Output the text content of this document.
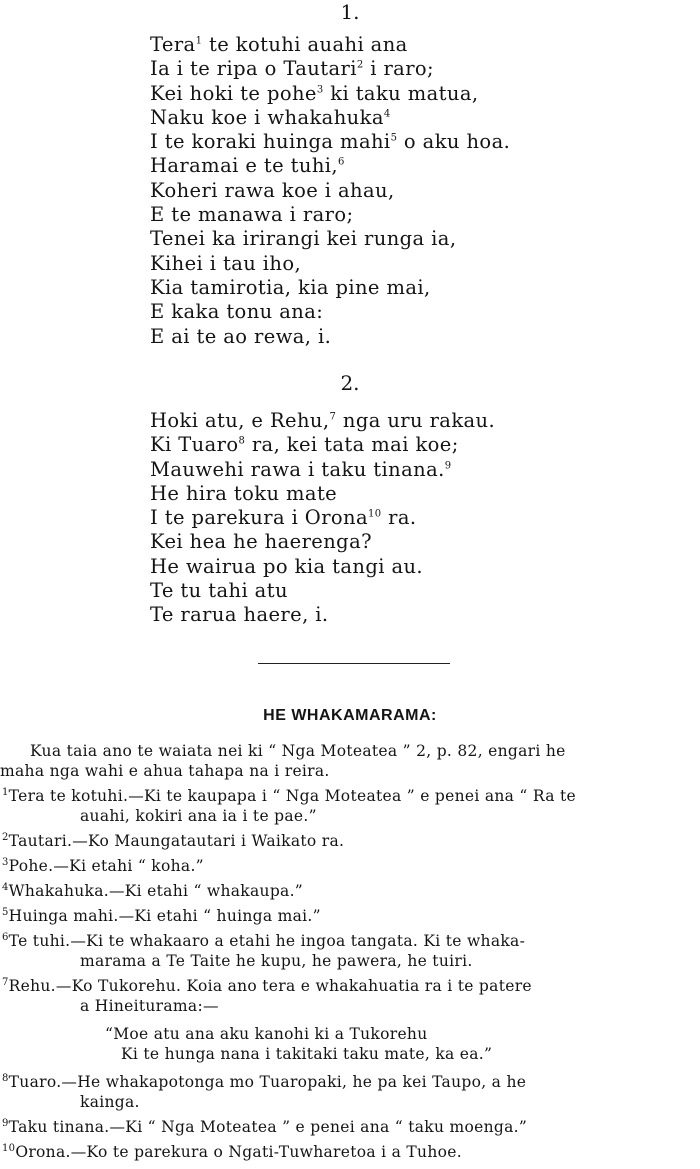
1.
Tera$^1$ te kotuhi auahi ana
Ia i te ripa o Tautari$^2$ i raro;
Kei hoki te pohe$^3$ ki taku matua,
Naku koe i whakahuka$^4$
I te koraki huinga mahi$^5$ o aku hoa.
Haramai e te tuhi,$^6$
Koheri rawa koe i ahau,
E te manawa i raro;
Tenei ka irirangi kei runga ia,
Kihei i tau iho,
Kia tamirotia, kia pine mai,
E kaka tonu ana:
E ai te ao rewa, i.
2.
Hoki atu, e Rehu,$^7$ nga uru rakau.
Ki Tuaro$^8$ ra, kei tata mai koe;
Mauwehi rawa i taku tinana.$^9$
He hira toku mate
I te parekura i Orona$^{10}$ ra.
Kei hea he haerenga?
He wairua po kia tangi au.
Te tu tahi atu
Te rarua haere, i.
HE WHAKAMARAMA:
Kua taia ano te waiata nei ki “ Nga Moteatea ” 2, p. 82, engari he
maha nga wahi e ahua tahapa na i reira.
$^1$Tera te kotuhi.—Ki te kaupapa i “ Nga Moteatea ” e penei ana “ Ra te
auahi, kokiri ana ia i te pae.”
$^2$Tautari.—Ko Maungatautari i Waikato ra.
$^3$Pohe.—Ki etahi “ koha.”
$^4$Whakahuka.—Ki etahi “ whakaupa.”
$^5$Huinga mahi.—Ki etahi “ huinga mai.”
$^6$Te tuhi.—Ki te whakaaro a etahi he ingoa tangata. Ki te whaka-
marama a Te Taite he kupu, he pawera, he tuiri.
$^7$Rehu.—Ko Tukorehu. Koia ano tera e whakahuatia ra i te patere
a Hineiturama:—
“Moe atu ana aku kanohi ki a Tukorehu
Ki te hunga nana i takitaki taku mate, ka ea.”
$^8$Tuaro.—He whakapotonga mo Tuaropaki, he pa kei Taupo, a he
kainga.
$^9$Taku tinana.—Ki “ Nga Moteatea ” e penei ana “ taku moenga.”
$^{10}$Orona.—Ko te parekura o Ngati-Tuwharetoa i a Tuhoe.
